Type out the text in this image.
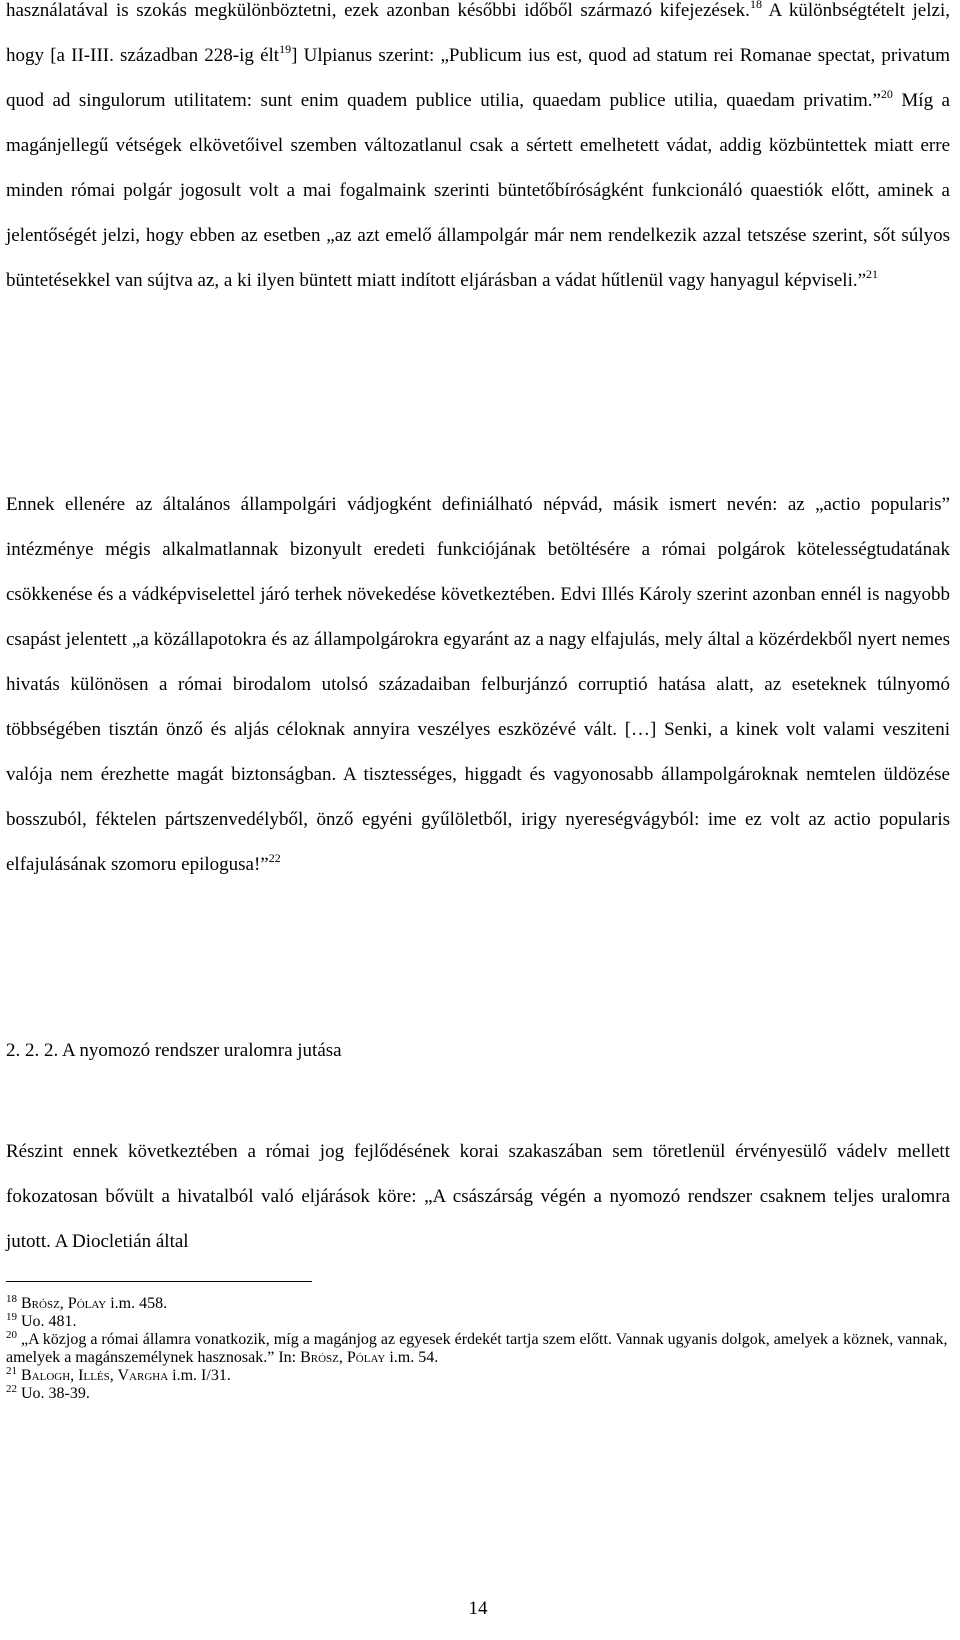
használatával is szokás megkülönböztetni, ezek azonban későbbi időből származó kifejezések.$^{18}$ A különbségtételt jelzi, hogy [a II-III. században 228-ig élt$^{19}$] Ulpianus szerint: „Publicum ius est, quod ad statum rei Romanae spectat, privatum quod ad singulorum utilitatem: sunt enim quadem publice utilia, quaedam publice utilia, quaedam privatim.”$^{20}$ Míg a magánjellegű vétségek elkövetőivel szemben változatlanul csak a sértett emelhetett vádat, addig közbüntettek miatt erre minden római polgár jogosult volt a mai fogalmaink szerinti büntetőbíróságként funkcionáló quaestiók előtt, aminek a jelentőségét jelzi, hogy ebben az esetben „az azt emelő állampolgár már nem rendelkezik azzal tetszése szerint, sőt súlyos büntetésekkel van sújtva az, a ki ilyen büntett miatt indított eljárásban a vádat hűtlenül vagy hanyagul képviseli.”$^{21}$

Ennek ellenére az általános állampolgári vádjogként definiálható népvád, másik ismert nevén: az „actio popularis” intézménye mégis alkalmatlannak bizonyult eredeti funkciójának betöltésére a római polgárok kötelességtudatának csökkenése és a vádképviselettel járó terhek növekedése következtében. Edvi Illés Károly szerint azonban ennél is nagyobb csapást jelentett „a közállapotokra és az állampolgárokra egyaránt az a nagy elfajulás, mely által a közérdekből nyert nemes hivatás különösen a római birodalom utolsó századaiban felburjánzó corruptió hatása alatt, az eseteknek túlnyomó többségében tisztán önző és aljás céloknak annyira veszélyes eszközévé vált. […] Senki, a kinek volt valami vesziteni valója nem érezhette magát biztonságban. A tisztességes, higgadt és vagyonosabb állampolgároknak nemtelen üldözése bosszuból, féktelen pártszenvedélyből, önző egyéni gyűlöletből, irigy nyereségvágyból: ime ez volt az actio popularis elfajulásának szomoru epilogusa!”$^{22}$

2. 2. 2. A nyomozó rendszer uralomra jutása

Részint ennek következtében a római jog fejlődésének korai szakaszában sem töretlenül érvényesülő vádelv mellett fokozatosan bővült a hivatalból való eljárások köre: „A császárság végén a nyomozó rendszer csaknem teljes uralomra jutott. A Diocletián által

$^{18}$ Brósz, Pólay i.m. 458.

$^{19}$ Uo. 481.

$^{20}$ „A közjog a római államra vonatkozik, míg a magánjog az egyesek érdekét tartja szem előtt. Vannak ugyanis dolgok, amelyek a köznek, vannak, amelyek a magánszemélynek hasznosak.” In: Brósz, Pólay i.m. 54.

$^{21}$ Balogh, Illés, Vargha i.m. I/31.

$^{22}$ Uo. 38-39.

14
